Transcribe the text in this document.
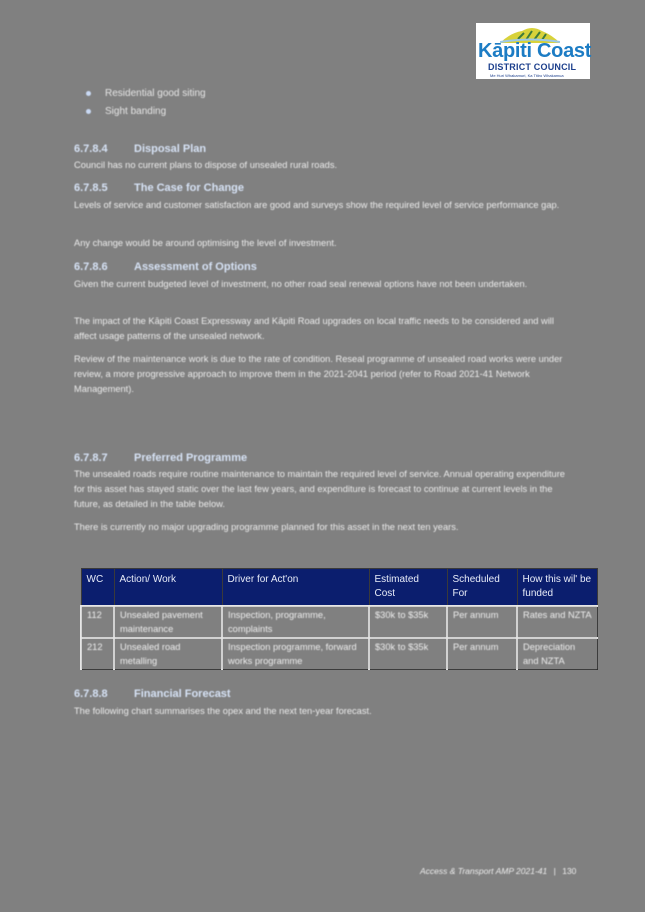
Kāpiti Coast
DISTRICT COUNCIL
Me Huri Whakamuri, Ka Titiro Whakamua
Residential good siting
Sight banding
6.7.8.4 Disposal Plan
Council has no current plans to dispose of unsealed rural roads.
6.7.8.5 The Case for Change
Levels of service and customer satisfaction are good and surveys show the required level of service performance gap.
Any change would be around optimising the level of investment.
6.7.8.6 Assessment of Options
Given the current budgeted level of investment, no other road seal renewal options have not been undertaken.
The impact of the Kāpiti Coast Expressway and Kāpiti Road upgrades on local traffic needs to be considered and will affect usage patterns of the unsealed network.
Review of the maintenance work is due to the rate of condition. Reseal programme of unsealed road works were under review, a more progressive approach to improve them in the 2021-2041 period (refer to Road 2021-41 Network Management).
6.7.8.7 Preferred Programme
The unsealed roads require routine maintenance to maintain the required level of service. Annual operating expenditure for this asset has stayed static over the last few years, and expenditure is forecast to continue at current levels in the future, as detailed in the table below.
There is currently no major upgrading programme planned for this asset in the next ten years.
WC	Action/ Work	Driver for Act'on	Estimated Cost	Scheduled For	How this wil' be funded
112	Unsealed pavement maintenance	Inspection, programme, complaints	$30k to $35k	Per annum	Rates and NZTA
212	Unsealed road metalling	Inspection programme, forward works programme	$30k to $35k	Per annum	Depreciation and NZTA
6.7.8.8 Financial Forecast
The following chart summarises the opex and the next ten-year forecast.
Access & Transport AMP 2021-41 | 130
